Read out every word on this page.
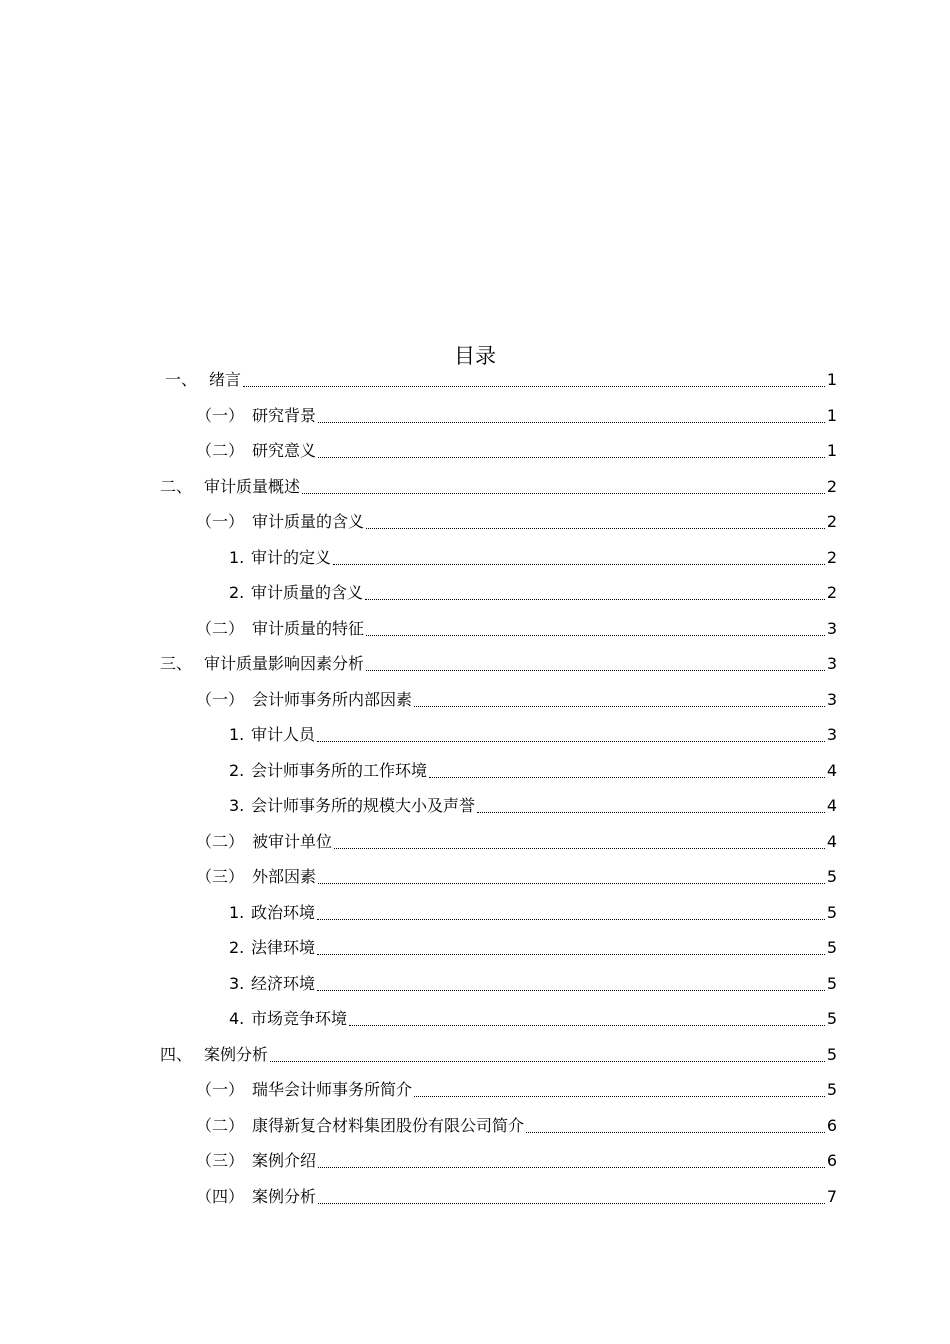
目录
一、 绪言	1
（一） 研究背景	1
（二） 研究意义	1
二、 审计质量概述	2
（一） 审计质量的含义	2
1. 审计的定义	2
2. 审计质量的含义	2
（二） 审计质量的特征	3
三、 审计质量影响因素分析	3
（一） 会计师事务所内部因素	3
1. 审计人员	3
2. 会计师事务所的工作环境	4
3. 会计师事务所的规模大小及声誉	4
（二） 被审计单位	4
（三） 外部因素	5
1. 政治环境	5
2. 法律环境	5
3. 经济环境	5
4. 市场竞争环境	5
四、 案例分析	5
（一） 瑞华会计师事务所简介	5
（二） 康得新复合材料集团股份有限公司简介	6
（三） 案例介绍	6
（四） 案例分析	7
